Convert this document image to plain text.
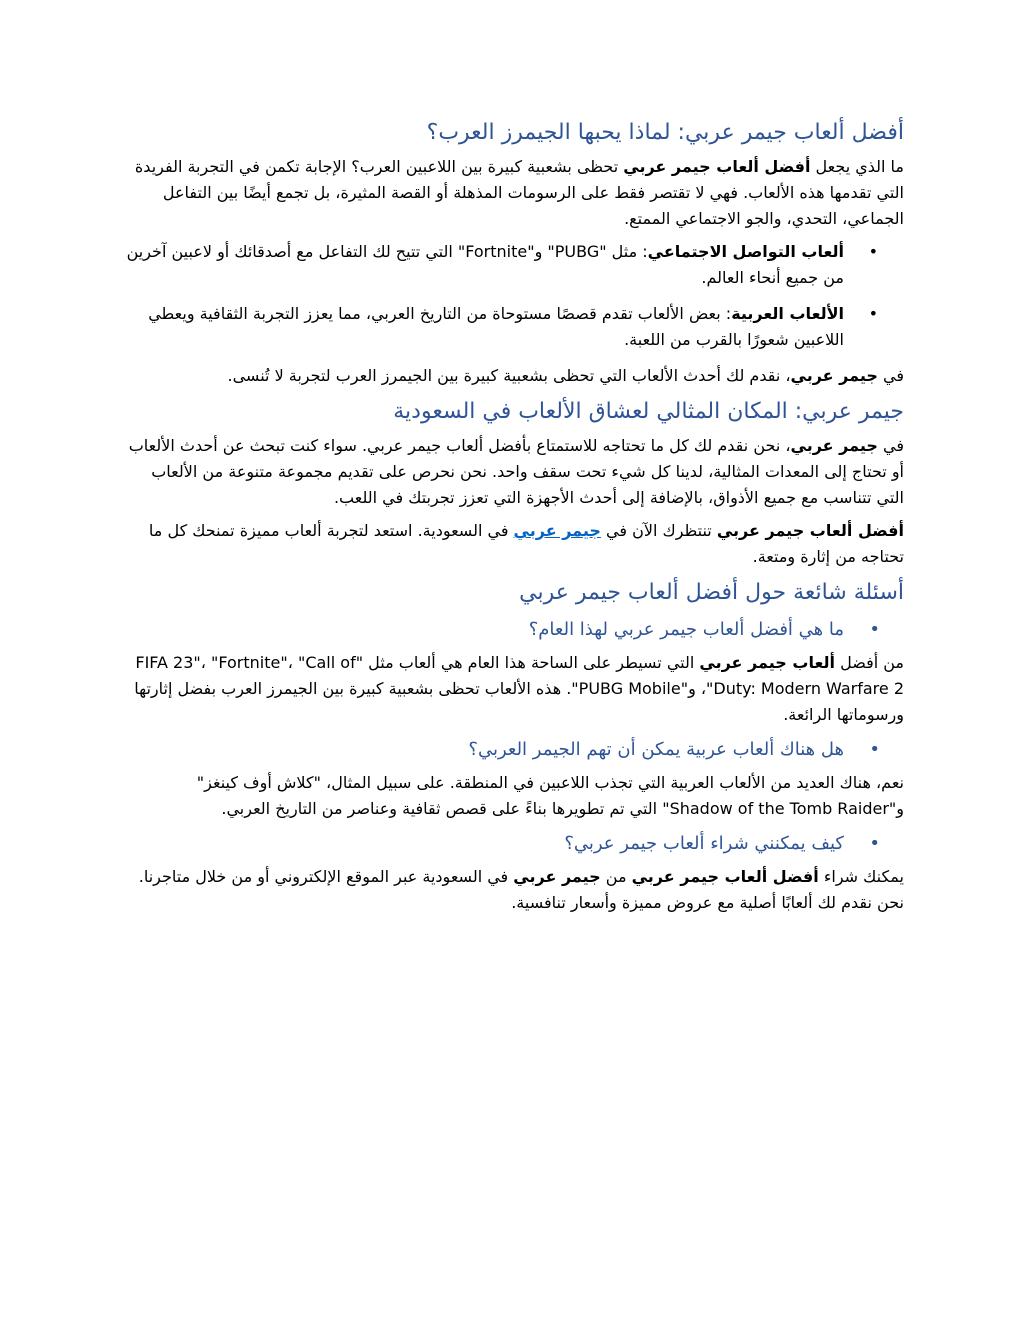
أفضل ألعاب جيمر عربي: لماذا يحبها الجيمرز العرب؟

ما الذي يجعل أفضل ألعاب جيمر عربي تحظى بشعبية كبيرة بين اللاعبين العرب؟ الإجابة تكمن في التجربة الفريدة التي تقدمها هذه الألعاب. فهي لا تقتصر فقط على الرسومات المذهلة أو القصة المثيرة، بل تجمع أيضًا بين التفاعل الجماعي، التحدي، والجو الاجتماعي الممتع.

•
ألعاب التواصل الاجتماعي: مثل "PUBG" و"Fortnite" التي تتيح لك التفاعل مع أصدقائك أو لاعبين آخرين من جميع أنحاء العالم.
•
الألعاب العربية: بعض الألعاب تقدم قصصًا مستوحاة من التاريخ العربي، مما يعزز التجربة الثقافية ويعطي اللاعبين شعورًا بالقرب من اللعبة.

في جيمر عربي، نقدم لك أحدث الألعاب التي تحظى بشعبية كبيرة بين الجيمرز العرب لتجربة لا تُنسى.

جيمر عربي: المكان المثالي لعشاق الألعاب في السعودية

في جيمر عربي، نحن نقدم لك كل ما تحتاجه للاستمتاع بأفضل ألعاب جيمر عربي. سواء كنت تبحث عن أحدث الألعاب أو تحتاج إلى المعدات المثالية، لدينا كل شيء تحت سقف واحد. نحن نحرص على تقديم مجموعة متنوعة من الألعاب التي تتناسب مع جميع الأذواق، بالإضافة إلى أحدث الأجهزة التي تعزز تجربتك في اللعب.

أفضل ألعاب جيمر عربي تنتظرك الآن في جيمر عربي في السعودية. استعد لتجربة ألعاب مميزة تمنحك كل ما تحتاجه من إثارة ومتعة.

أسئلة شائعة حول أفضل ألعاب جيمر عربي
•
ما هي أفضل ألعاب جيمر عربي لهذا العام؟

من أفضل ألعاب جيمر عربي التي تسيطر على الساحة هذا العام هي ألعاب مثل "FIFA 23"، "Fortnite"، "Call of Duty: Modern Warfare 2"، و"PUBG Mobile". هذه الألعاب تحظى بشعبية كبيرة بين الجيمرز العرب بفضل إثارتها ورسوماتها الرائعة.

•
هل هناك ألعاب عربية يمكن أن تهم الجيمر العربي؟

نعم، هناك العديد من الألعاب العربية التي تجذب اللاعبين في المنطقة. على سبيل المثال، "كلاش أوف كينغز" و"Shadow of the Tomb Raider" التي تم تطويرها بناءً على قصص ثقافية وعناصر من التاريخ العربي.

•
كيف يمكنني شراء ألعاب جيمر عربي؟

يمكنك شراء أفضل ألعاب جيمر عربي من جيمر عربي في السعودية عبر الموقع الإلكتروني أو من خلال متاجرنا. نحن نقدم لك ألعابًا أصلية مع عروض مميزة وأسعار تنافسية.
